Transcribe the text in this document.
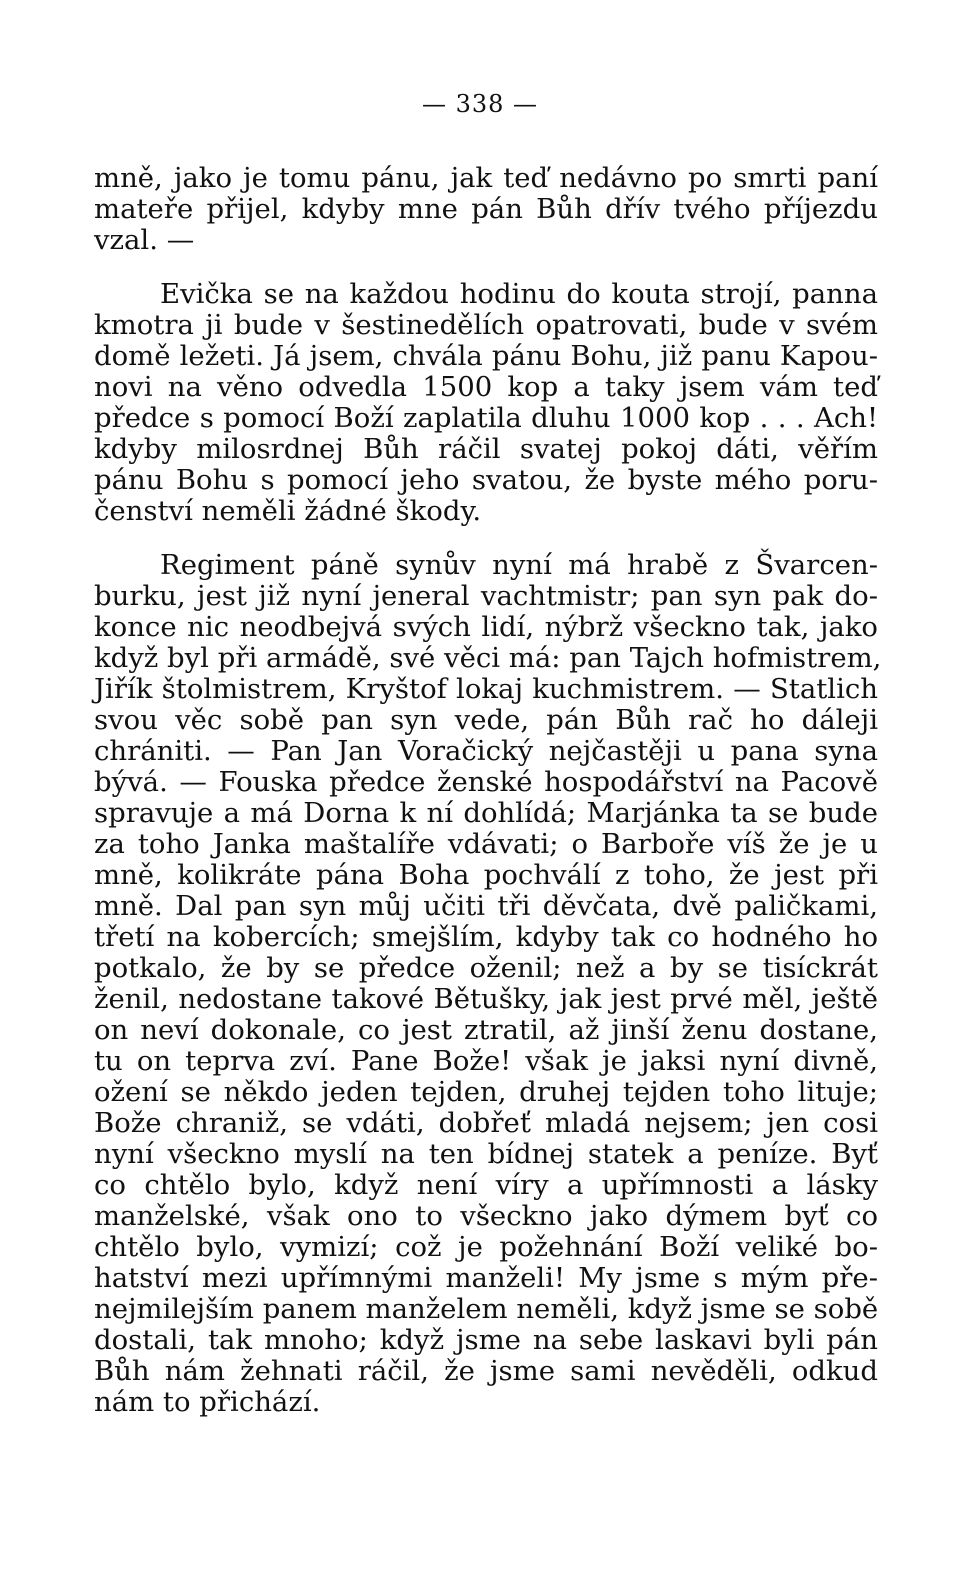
— 338 —
mně, jako je tomu pánu, jak teď nedávno po smrti paní
mateře přijel, kdyby mne pán Bůh dřív tvého příjezdu
vzal. —
Evička se na každou hodinu do kouta strojí, panna
kmotra ji bude v šestinedělích opatrovati, bude v svém
domě ležeti. Já jsem, chvála pánu Bohu, již panu Kapou-
novi na věno odvedla 1500 kop a taky jsem vám teď
předce s pomocí Boží zaplatila dluhu 1000 kop . . . Ach!
kdyby milosrdnej Bůh ráčil svatej pokoj dáti, věřím
pánu Bohu s pomocí jeho svatou, že byste mého poru-
čenství neměli žádné škody.
Regiment páně synův nyní má hrabě z Švarcen-
burku, jest již nyní jeneral vachtmistr; pan syn pak do-
konce nic neodbejvá svých lidí, nýbrž všeckno tak, jako
když byl při armádě, své věci má: pan Tajch hofmistrem,
Jiřík štolmistrem, Kryštof lokaj kuchmistrem. — Statlich
svou věc sobě pan syn vede, pán Bůh rač ho dáleji
chrániti. — Pan Jan Voračický nejčastěji u pana syna
bývá. — Fouska předce ženské hospodářství na Pacově
spravuje a má Dorna k ní dohlídá; Marjánka ta se bude
za toho Janka maštalíře vdávati; o Barboře víš že je u
mně, kolikráte pána Boha pochválí z toho, že jest při
mně. Dal pan syn můj učiti tři děvčata, dvě paličkami,
třetí na kobercích; smejšlím, kdyby tak co hodného ho
potkalo, že by se předce oženil; než a by se tisíckrát
ženil, nedostane takové Bětušky, jak jest prvé měl, ještě
on neví dokonale, co jest ztratil, až jinší ženu dostane,
tu on teprva zví. Pane Bože! však je jaksi nyní divně,
ožení se někdo jeden tejden, druhej tejden toho lituje;
Bože chraniž, se vdáti, dobřeť mladá nejsem; jen cosi
nyní všeckno myslí na ten bídnej statek a peníze. Byť
co chtělo bylo, když není víry a upřímnosti a lásky
manželské, však ono to všeckno jako dýmem byť co
chtělo bylo, vymizí; což je požehnání Boží veliké bo-
hatství mezi upřímnými manželi! My jsme s mým pře-
nejmilejším panem manželem neměli, když jsme se sobě
dostali, tak mnoho; když jsme na sebe laskavi byli pán
Bůh nám žehnati ráčil, že jsme sami nevěděli, odkud
nám to přichází.
